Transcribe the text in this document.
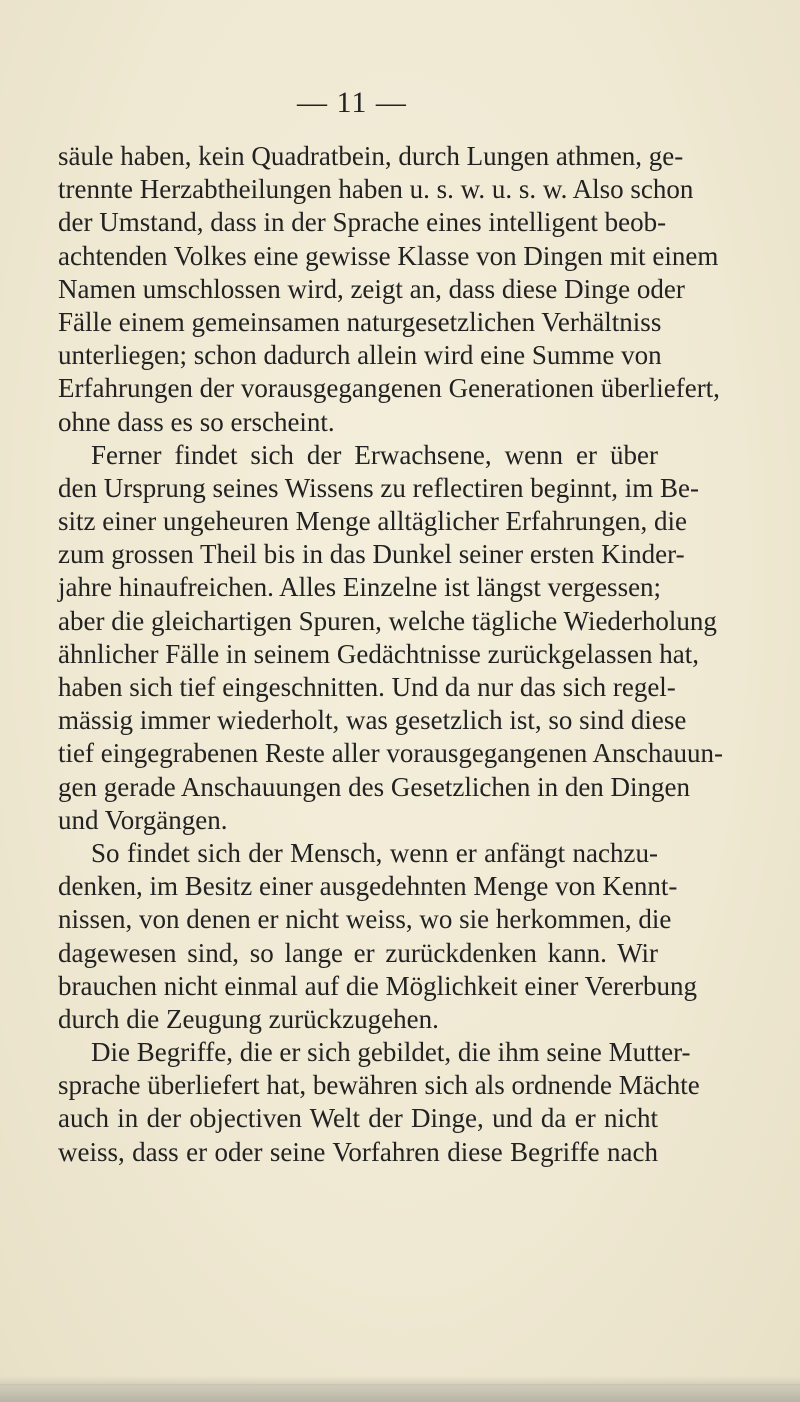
— 11 —
säule haben, kein Quadratbein, durch Lungen athmen, ge-
trennte Herzabtheilungen haben u. s. w. u. s. w. Also schon
der Umstand, dass in der Sprache eines intelligent beob-
achtenden Volkes eine gewisse Klasse von Dingen mit einem
Namen umschlossen wird, zeigt an, dass diese Dinge oder
Fälle einem gemeinsamen naturgesetzlichen Verhältniss
unterliegen; schon dadurch allein wird eine Summe von
Erfahrungen der vorausgegangenen Generationen überliefert,
ohne dass es so erscheint.
Ferner findet sich der Erwachsene, wenn er über
den Ursprung seines Wissens zu reflectiren beginnt, im Be-
sitz einer ungeheuren Menge alltäglicher Erfahrungen, die
zum grossen Theil bis in das Dunkel seiner ersten Kinder-
jahre hinaufreichen. Alles Einzelne ist längst vergessen;
aber die gleichartigen Spuren, welche tägliche Wiederholung
ähnlicher Fälle in seinem Gedächtnisse zurückgelassen hat,
haben sich tief eingeschnitten. Und da nur das sich regel-
mässig immer wiederholt, was gesetzlich ist, so sind diese
tief eingegrabenen Reste aller vorausgegangenen Anschauun-
gen gerade Anschauungen des Gesetzlichen in den Dingen
und Vorgängen.
So findet sich der Mensch, wenn er anfängt nachzu-
denken, im Besitz einer ausgedehnten Menge von Kennt-
nissen, von denen er nicht weiss, wo sie herkommen, die
dagewesen sind, so lange er zurückdenken kann. Wir
brauchen nicht einmal auf die Möglichkeit einer Vererbung
durch die Zeugung zurückzugehen.
Die Begriffe, die er sich gebildet, die ihm seine Mutter-
sprache überliefert hat, bewähren sich als ordnende Mächte
auch in der objectiven Welt der Dinge, und da er nicht
weiss, dass er oder seine Vorfahren diese Begriffe nach
